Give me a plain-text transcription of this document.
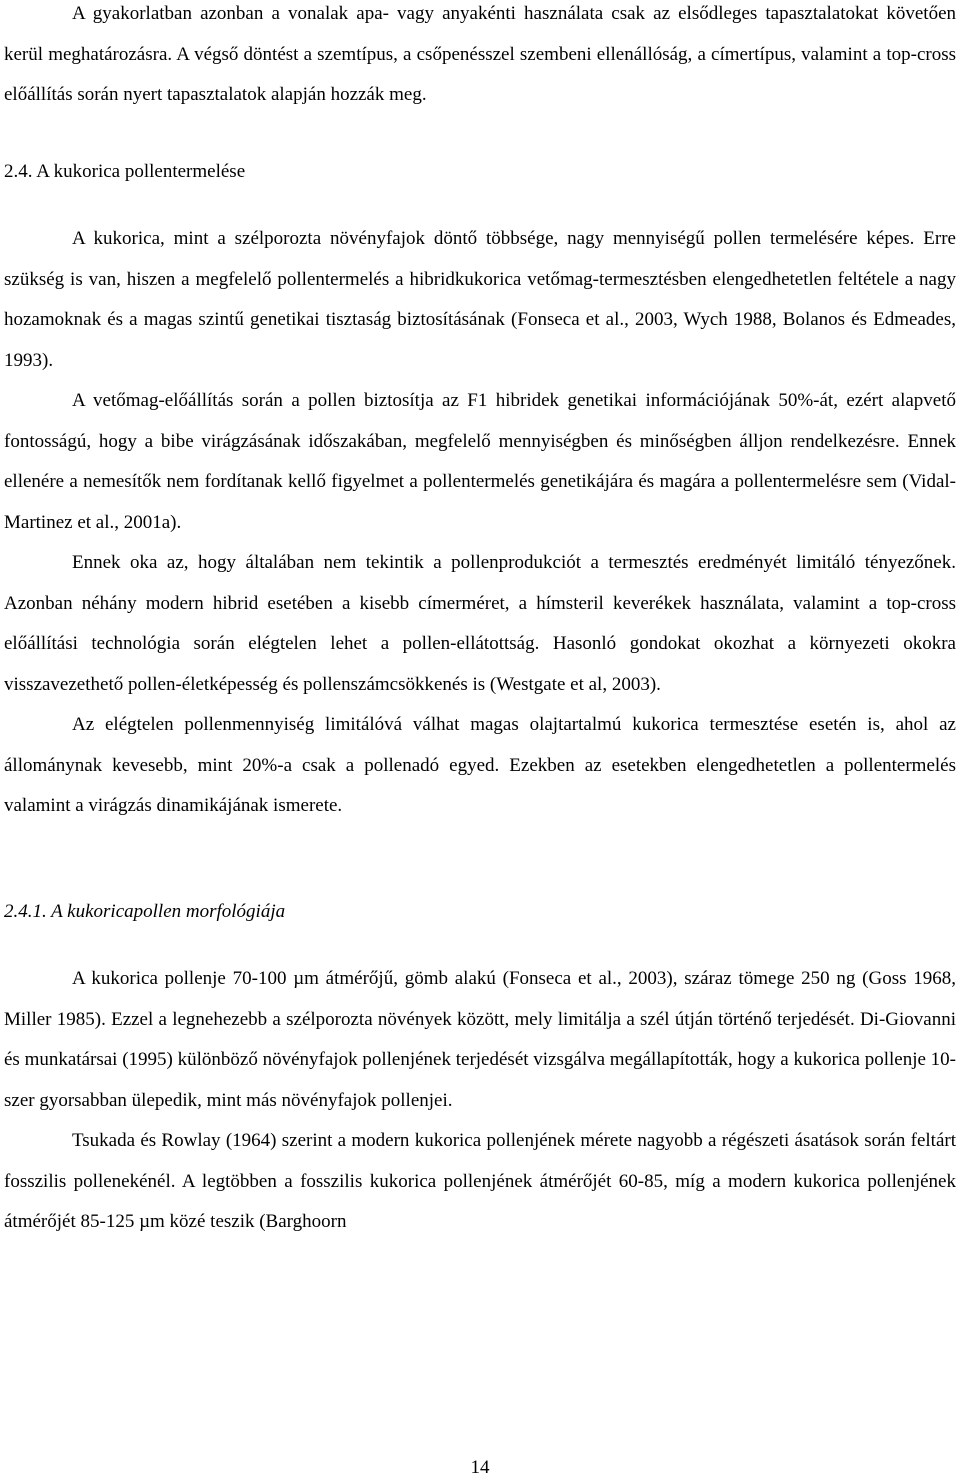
A gyakorlatban azonban a vonalak apa- vagy anyakénti használata csak az elsődleges tapasztalatokat követően kerül meghatározásra. A végső döntést a szemtípus, a csőpenésszel szembeni ellenállóság, a címertípus, valamint a top-cross előállítás során nyert tapasztalatok alapján hozzák meg.

2.4. A kukorica pollentermelése

A kukorica, mint a szélporozta növényfajok döntő többsége, nagy mennyiségű pollen termelésére képes. Erre szükség is van, hiszen a megfelelő pollentermelés a hibridkukorica vetőmag-termesztésben elengedhetetlen feltétele a nagy hozamoknak és a magas szintű genetikai tisztaság biztosításának (Fonseca et al., 2003, Wych 1988, Bolanos és Edmeades, 1993).

A vetőmag-előállítás során a pollen biztosítja az F1 hibridek genetikai információjának 50%-át, ezért alapvető fontosságú, hogy a bibe virágzásának időszakában, megfelelő mennyiségben és minőségben álljon rendelkezésre. Ennek ellenére a nemesítők nem fordítanak kellő figyelmet a pollentermelés genetikájára és magára a pollentermelésre sem (Vidal-Martinez et al., 2001a).

Ennek oka az, hogy általában nem tekintik a pollenprodukciót a termesztés eredményét limitáló tényezőnek. Azonban néhány modern hibrid esetében a kisebb címerméret, a hímsteril keverékek használata, valamint a top-cross előállítási technológia során elégtelen lehet a pollen-ellátottság. Hasonló gondokat okozhat a környezeti okokra visszavezethető pollen-életképesség és pollenszámcsökkenés is (Westgate et al, 2003).

Az elégtelen pollenmennyiség limitálóvá válhat magas olajtartalmú kukorica termesztése esetén is, ahol az állománynak kevesebb, mint 20%-a csak a pollenadó egyed. Ezekben az esetekben elengedhetetlen a pollentermelés valamint a virágzás dinamikájának ismerete.

2.4.1. A kukoricapollen morfológiája

A kukorica pollenje 70-100 µm átmérőjű, gömb alakú (Fonseca et al., 2003), száraz tömege 250 ng (Goss 1968, Miller 1985). Ezzel a legnehezebb a szélporozta növények között, mely limitálja a szél útján történő terjedését. Di-Giovanni és munkatársai (1995) különböző növényfajok pollenjének terjedését vizsgálva megállapították, hogy a kukorica pollenje 10-szer gyorsabban ülepedik, mint más növényfajok pollenjei.

Tsukada és Rowlay (1964) szerint a modern kukorica pollenjének mérete nagyobb a régészeti ásatások során feltárt fosszilis pollenekénél. A legtöbben a fosszilis kukorica pollenjének átmérőjét 60-85, míg a modern kukorica pollenjének átmérőjét 85-125 µm közé teszik (Barghoorn

14
